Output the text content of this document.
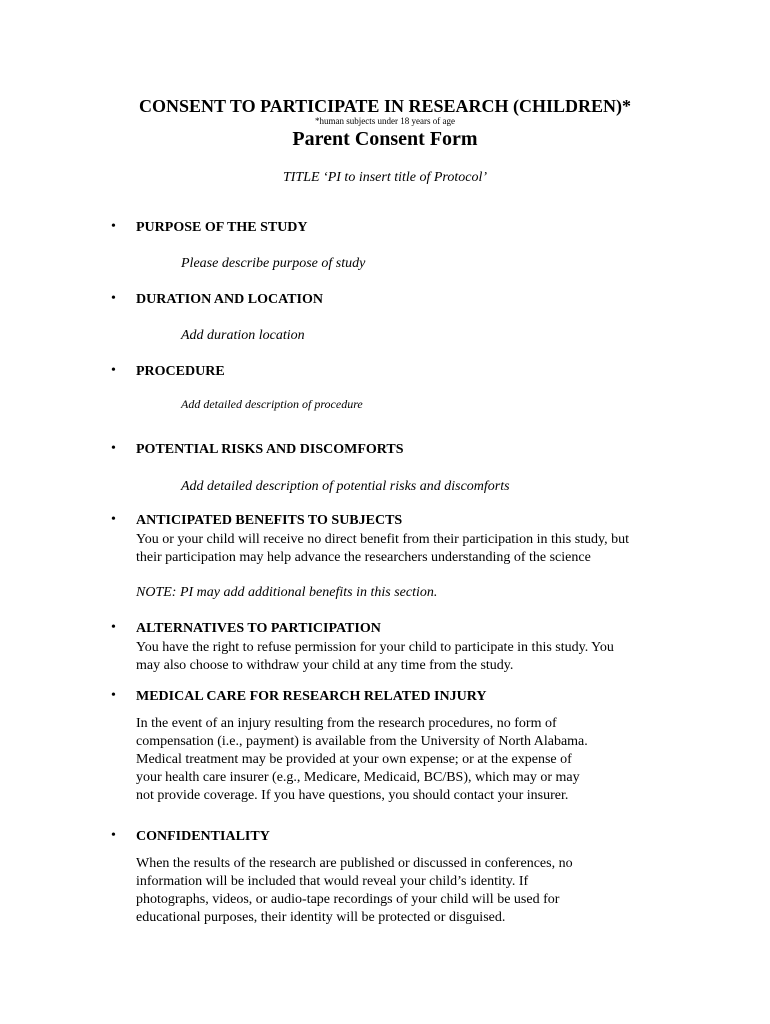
CONSENT TO PARTICIPATE IN RESEARCH (CHILDREN)*
*human subjects under 18 years of age
Parent Consent Form
TITLE ‘PI to insert title of Protocol’
• PURPOSE OF THE STUDY
Please describe purpose of study
• DURATION AND LOCATION
Add duration location
• PROCEDURE
Add detailed description of procedure
• POTENTIAL RISKS AND DISCOMFORTS
Add detailed description of potential risks and discomforts
• ANTICIPATED BENEFITS TO SUBJECTS
You or your child will receive no direct benefit from their participation in this study, but
their participation may help advance the researchers understanding of the science
NOTE: PI may add additional benefits in this section.
• ALTERNATIVES TO PARTICIPATION
You have the right to refuse permission for your child to participate in this study. You
may also choose to withdraw your child at any time from the study.
• MEDICAL CARE FOR RESEARCH RELATED INJURY
In the event of an injury resulting from the research procedures, no form of
compensation (i.e., payment) is available from the University of North Alabama.
Medical treatment may be provided at your own expense; or at the expense of
your health care insurer (e.g., Medicare, Medicaid, BC/BS), which may or may
not provide coverage. If you have questions, you should contact your insurer.
• CONFIDENTIALITY
When the results of the research are published or discussed in conferences, no
information will be included that would reveal your child’s identity. If
photographs, videos, or audio-tape recordings of your child will be used for
educational purposes, their identity will be protected or disguised.
